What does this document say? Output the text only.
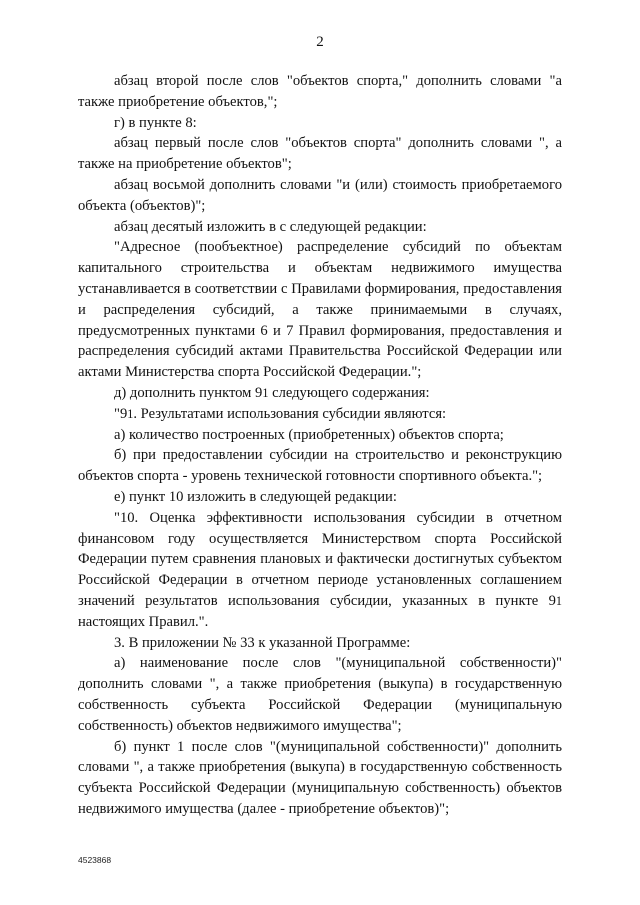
2

абзац второй после слов "объектов спорта," дополнить словами "а также приобретение объектов,";

г) в пункте 8:

абзац первый после слов "объектов спорта" дополнить словами ", а также на приобретение объектов";

абзац восьмой дополнить словами "и (или) стоимость приобретаемого объекта (объектов)";

абзац десятый изложить в с следующей редакции:

"Адресное (пообъектное) распределение субсидий по объектам капитального строительства и объектам недвижимого имущества устанавливается в соответствии с Правилами формирования, предоставления и распределения субсидий, а также принимаемыми в случаях, предусмотренных пунктами 6 и 7 Правил формирования, предоставления и распределения субсидий актами Правительства Российской Федерации или актами Министерства спорта Российской Федерации.";

д) дополнить пунктом 91 следующего содержания:

"91. Результатами использования субсидии являются:

а) количество построенных (приобретенных) объектов спорта;

б) при предоставлении субсидии на строительство и реконструкцию объектов спорта - уровень технической готовности спортивного объекта.";

е) пункт 10 изложить в следующей редакции:

"10. Оценка эффективности использования субсидии в отчетном финансовом году осуществляется Министерством спорта Российской Федерации путем сравнения плановых и фактически достигнутых субъектом Российской Федерации в отчетном периоде установленных соглашением значений результатов использования субсидии, указанных в пункте 91 настоящих Правил.".

3. В приложении № 33 к указанной Программе:

а) наименование после слов "(муниципальной собственности)" дополнить словами ", а также приобретения (выкупа) в государственную собственность субъекта Российской Федерации (муниципальную собственность) объектов недвижимого имущества";

б) пункт 1 после слов "(муниципальной собственности)" дополнить словами ", а также приобретения (выкупа) в государственную собственность субъекта Российской Федерации (муниципальную собственность) объектов недвижимого имущества (далее - приобретение объектов)";

4523868
